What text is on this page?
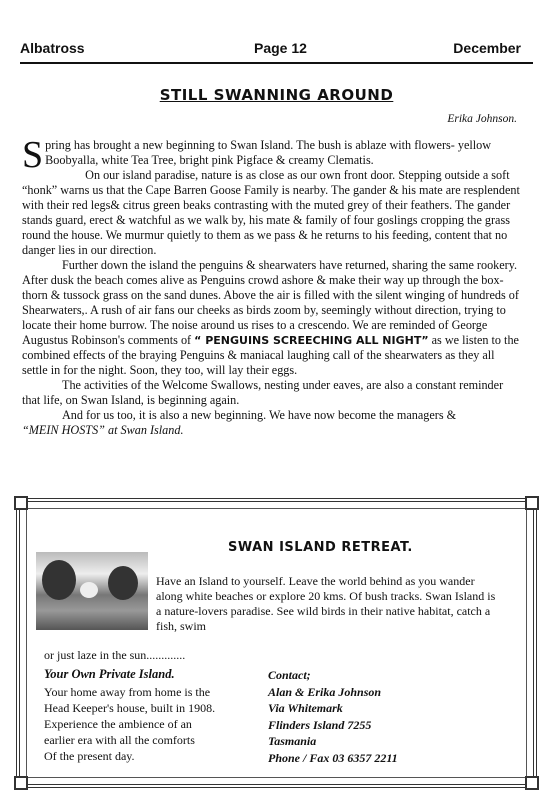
Albatross	Page 12	December
STILL SWANNING AROUND
Erika Johnson.

Spring has brought a new beginning to Swan Island. The bush is ablaze with flowers- yellow Boobyalla, white Tea Tree, bright pink Pigface & creamy Clematis.

On our island paradise, nature is as close as our own front door. Stepping outside a soft “honk” warns us that the Cape Barren Goose Family is nearby. The gander & his mate are resplendent with their red legs& citrus green beaks contrasting with the muted grey of their feathers. The gander stands guard, erect & watchful as we walk by, his mate & family of four goslings cropping the grass round the house. We murmur quietly to them as we pass & he returns to his feeding, content that no danger lies in our direction.

Further down the island the penguins & shearwaters have returned, sharing the same rookery. After dusk the beach comes alive as Penguins crowd ashore & make their way up through the box-thorn & tussock grass on the sand dunes. Above the air is filled with the silent winging of hundreds of Shearwaters,. A rush of air fans our cheeks as birds zoom by, seemingly without direction, trying to locate their home burrow. The noise around us rises to a crescendo. We are reminded of George Augustus Robinson's comments of “ PENGUINS SCREECHING ALL NIGHT” as we listen to the combined effects of the braying Penguins & maniacal laughing call of the shearwaters as they all settle in for the night. Soon, they too, will lay their eggs.

The activities of the Welcome Swallows, nesting under eaves, are also a constant reminder that life, on Swan Island, is beginning again.

And for us too, it is also a new beginning. We have now become the managers &

“MEIN HOSTS” at Swan Island.
SWAN ISLAND RETREAT.
Have an Island to yourself. Leave the world behind as you wander along white beaches or explore 20 kms. Of bush tracks. Swan Island is a nature-lovers paradise. See wild birds in their native habitat, catch a fish, swim
or just laze in the sun.............
Your Own Private Island.
Your home away from home is the
Head Keeper's house, built in 1908.
Experience the ambience of an
earlier era with all the comforts
Of the present day.
Contact;
Alan & Erika Johnson
Via Whitemark
Flinders Island 7255
Tasmania
Phone / Fax 03 6357 2211
